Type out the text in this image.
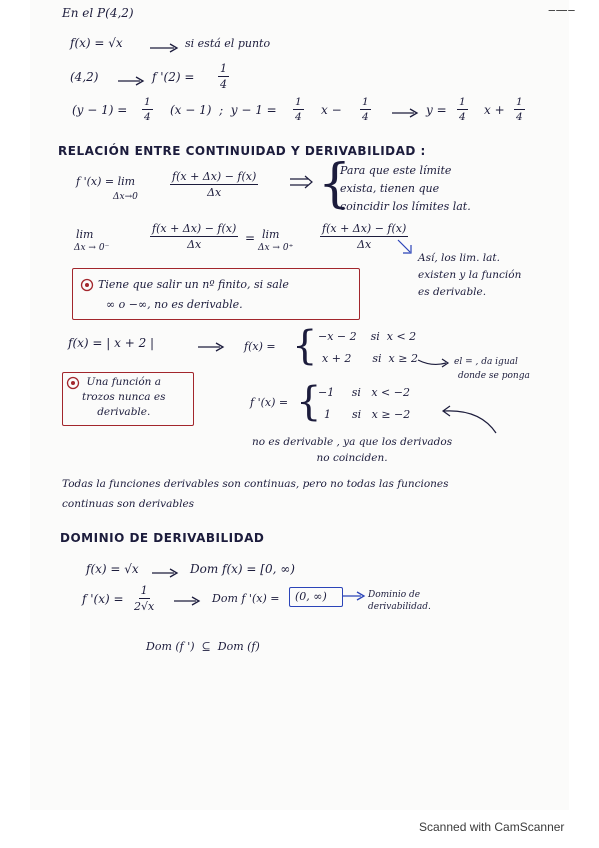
‒—‒
En el P(4,2)
f(x) = √x	si está el punto
(4,2)	f '$(2) = \frac{1}{4}$
$(y - 1) = \frac{1}{4} (x - 1)$  ;  $y - 1 = \frac{1}{4}$ $x - \frac{1}{4}$	$y = \frac{1}{4}$ $x + \frac{1}{4}$
RELACIÓN ENTRE CONTINUIDAD Y DERIVABILIDAD :
f '(x) = lim
Δx→0	$\frac{f(x + \Delta x) - f(x)}{\Delta x}$ {
Para que este límite
exista, tienen que
coincidir los límites lat.
lim
Δx → 0⁻	$\frac{f(x + \Delta x) - f(x)}{\Delta x} = \lim$
$\Delta x \to 0^+ \frac{f(x + \Delta x) - f(x)}{\Delta x}$
Así, los lim. lat.
existen y la función
es derivable.
Tiene que salir un nº finito, si sale
∞ o −∞, no es derivable.
f(x) = | x + 2 |	f(x) = { −x − 2    si  x < 2
x + 2      si  x ≥ 2	el = , da igual
donde se ponga
Una función a
trozos nunca es
derivable.
f '(x) = {
−1     si   x < −2
1      si   x ≥ −2
no es derivable , ya que los derivados
no coinciden.
Todas la funciones derivables son continuas, pero no todas las funciones
continuas son derivables
DOMINIO DE DERIVABILIDAD
f(x) = √x	Dom f(x) = [0, ∞)
f '$(x) = \frac{1}{2√x}$	Dom f '(x) = (0, ∞)	Dominio de
derivabilidad.
Dom (f ')  ⊆  Dom (f)
Scanned with CamScanner
